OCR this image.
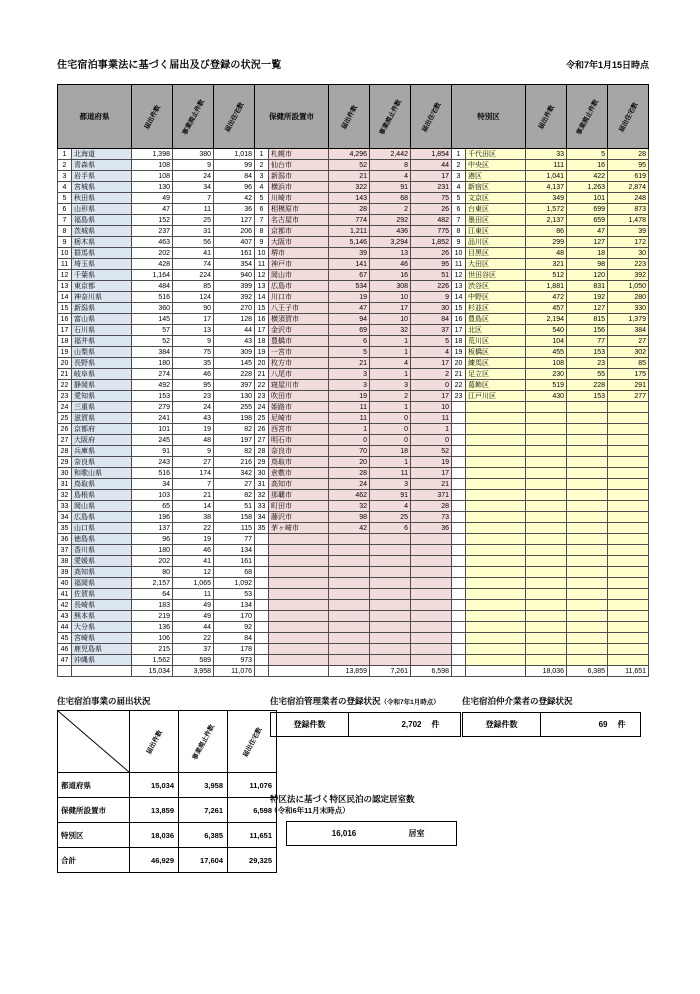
住宅宿泊事業法に基づく届出及び登録の状況一覧	令和7年1月15日時点
都道府県		届出件数	事業廃止件数	届出住宅数	保健所設置市		届出件数	事業廃止件数	届出住宅数	特別区		届出件数	事業廃止件数	届出住宅数

1	北海道	1,398	380	1,018	1	札幌市	4,296	2,442	1,854	1	千代田区	33	5	28
2	青森県	108	9	99	2	仙台市	52	8	44	2	中央区	111	16	95
3	岩手県	108	24	84	3	新潟市	21	4	17	3	港区	1,041	422	619
4	宮城県	130	34	96	4	横浜市	322	91	231	4	新宿区	4,137	1,263	2,874
5	秋田県	49	7	42	5	川崎市	143	68	75	5	文京区	349	101	248
6	山形県	47	11	36	6	相模原市	28	2	26	6	台東区	1,572	699	873
7	福島県	152	25	127	7	名古屋市	774	292	482	7	墨田区	2,137	659	1,478
8	茨城県	237	31	206	8	京都市	1,211	436	775	8	江東区	86	47	39
9	栃木県	463	56	407	9	大阪市	5,146	3,294	1,852	9	品川区	299	127	172
10	群馬県	202	41	161	10	堺市	39	13	26	10	目黒区	48	18	30
11	埼玉県	428	74	354	11	神戸市	141	46	95	11	大田区	321	98	223
12	千葉県	1,164	224	940	12	岡山市	67	16	51	12	世田谷区	512	120	392
13	東京都	484	85	399	13	広島市	534	308	226	13	渋谷区	1,881	831	1,050
14	神奈川県	516	124	392	14	川口市	19	10	9	14	中野区	472	192	280
15	新潟県	360	90	270	15	八王子市	47	17	30	15	杉並区	457	127	330
16	富山県	145	17	128	16	横須賀市	94	10	84	16	豊島区	2,194	815	1,379
17	石川県	57	13	44	17	金沢市	69	32	37	17	北区	540	156	384
18	福井県	52	9	43	18	豊橋市	6	1	5	18	荒川区	104	77	27
19	山梨県	384	75	309	19	一宮市	5	1	4	19	板橋区	455	153	302
20	長野県	180	35	145	20	枚方市	21	4	17	20	練馬区	108	23	85
21	岐阜県	274	46	228	21	八尾市	3	1	2	21	足立区	230	55	175
22	静岡県	492	95	397	22	寝屋川市	3	3	0	22	葛飾区	519	228	291
23	愛知県	153	23	130	23	吹田市	19	2	17	23	江戸川区	430	153	277
24	三重県	279	24	255	24	姫路市	11	1	10					
25	滋賀県	241	43	198	25	尼崎市	11	0	11					
26	京都府	101	19	82	26	西宮市	1	0	1					
27	大阪府	245	48	197	27	明石市	0	0	0					
28	兵庫県	91	9	82	28	奈良市	70	18	52					
29	奈良県	243	27	216	29	鳥取市	20	1	19					
30	和歌山県	516	174	342	30	倉敷市	28	11	17					
31	鳥取県	34	7	27	31	高知市	24	3	21					
32	島根県	103	21	82	32	那覇市	462	91	371					
33	岡山県	65	14	51	33	町田市	32	4	28					
34	広島県	196	38	158	34	藤沢市	98	25	73					
35	山口県	137	22	115	35	茅ヶ崎市	42	6	36					
36	徳島県	96	19	77										
37	香川県	180	46	134										
38	愛媛県	202	41	161										
39	高知県	80	12	68										
40	福岡県	2,157	1,065	1,092										
41	佐賀県	64	11	53										
42	長崎県	183	49	134										
43	熊本県	219	49	170										
44	大分県	136	44	92										
45	宮崎県	106	22	84										
46	鹿児島県	215	37	178										
47	沖縄県	1,562	589	973										
		15,034	3,958	11,076			13,859	7,261	6,598			18,036	6,385	11,651
住宅宿泊事業の届出状況

届出件数	事業廃止件数	届出住宅数

都道府県	15,034	3,958	11,076
保健所設置市	13,859	7,261	6,598
特別区	18,036	6,385	11,651
合計	46,929	17,604	29,325
住宅宿泊管理業者の登録状況（令和7年1月時点）
登録件数	2,702 件
住宅宿泊仲介業者の登録状況
登録件数	69 件
特区法に基づく特区民泊の認定居室数
（令和6年11月末時点）
16,016	居室
